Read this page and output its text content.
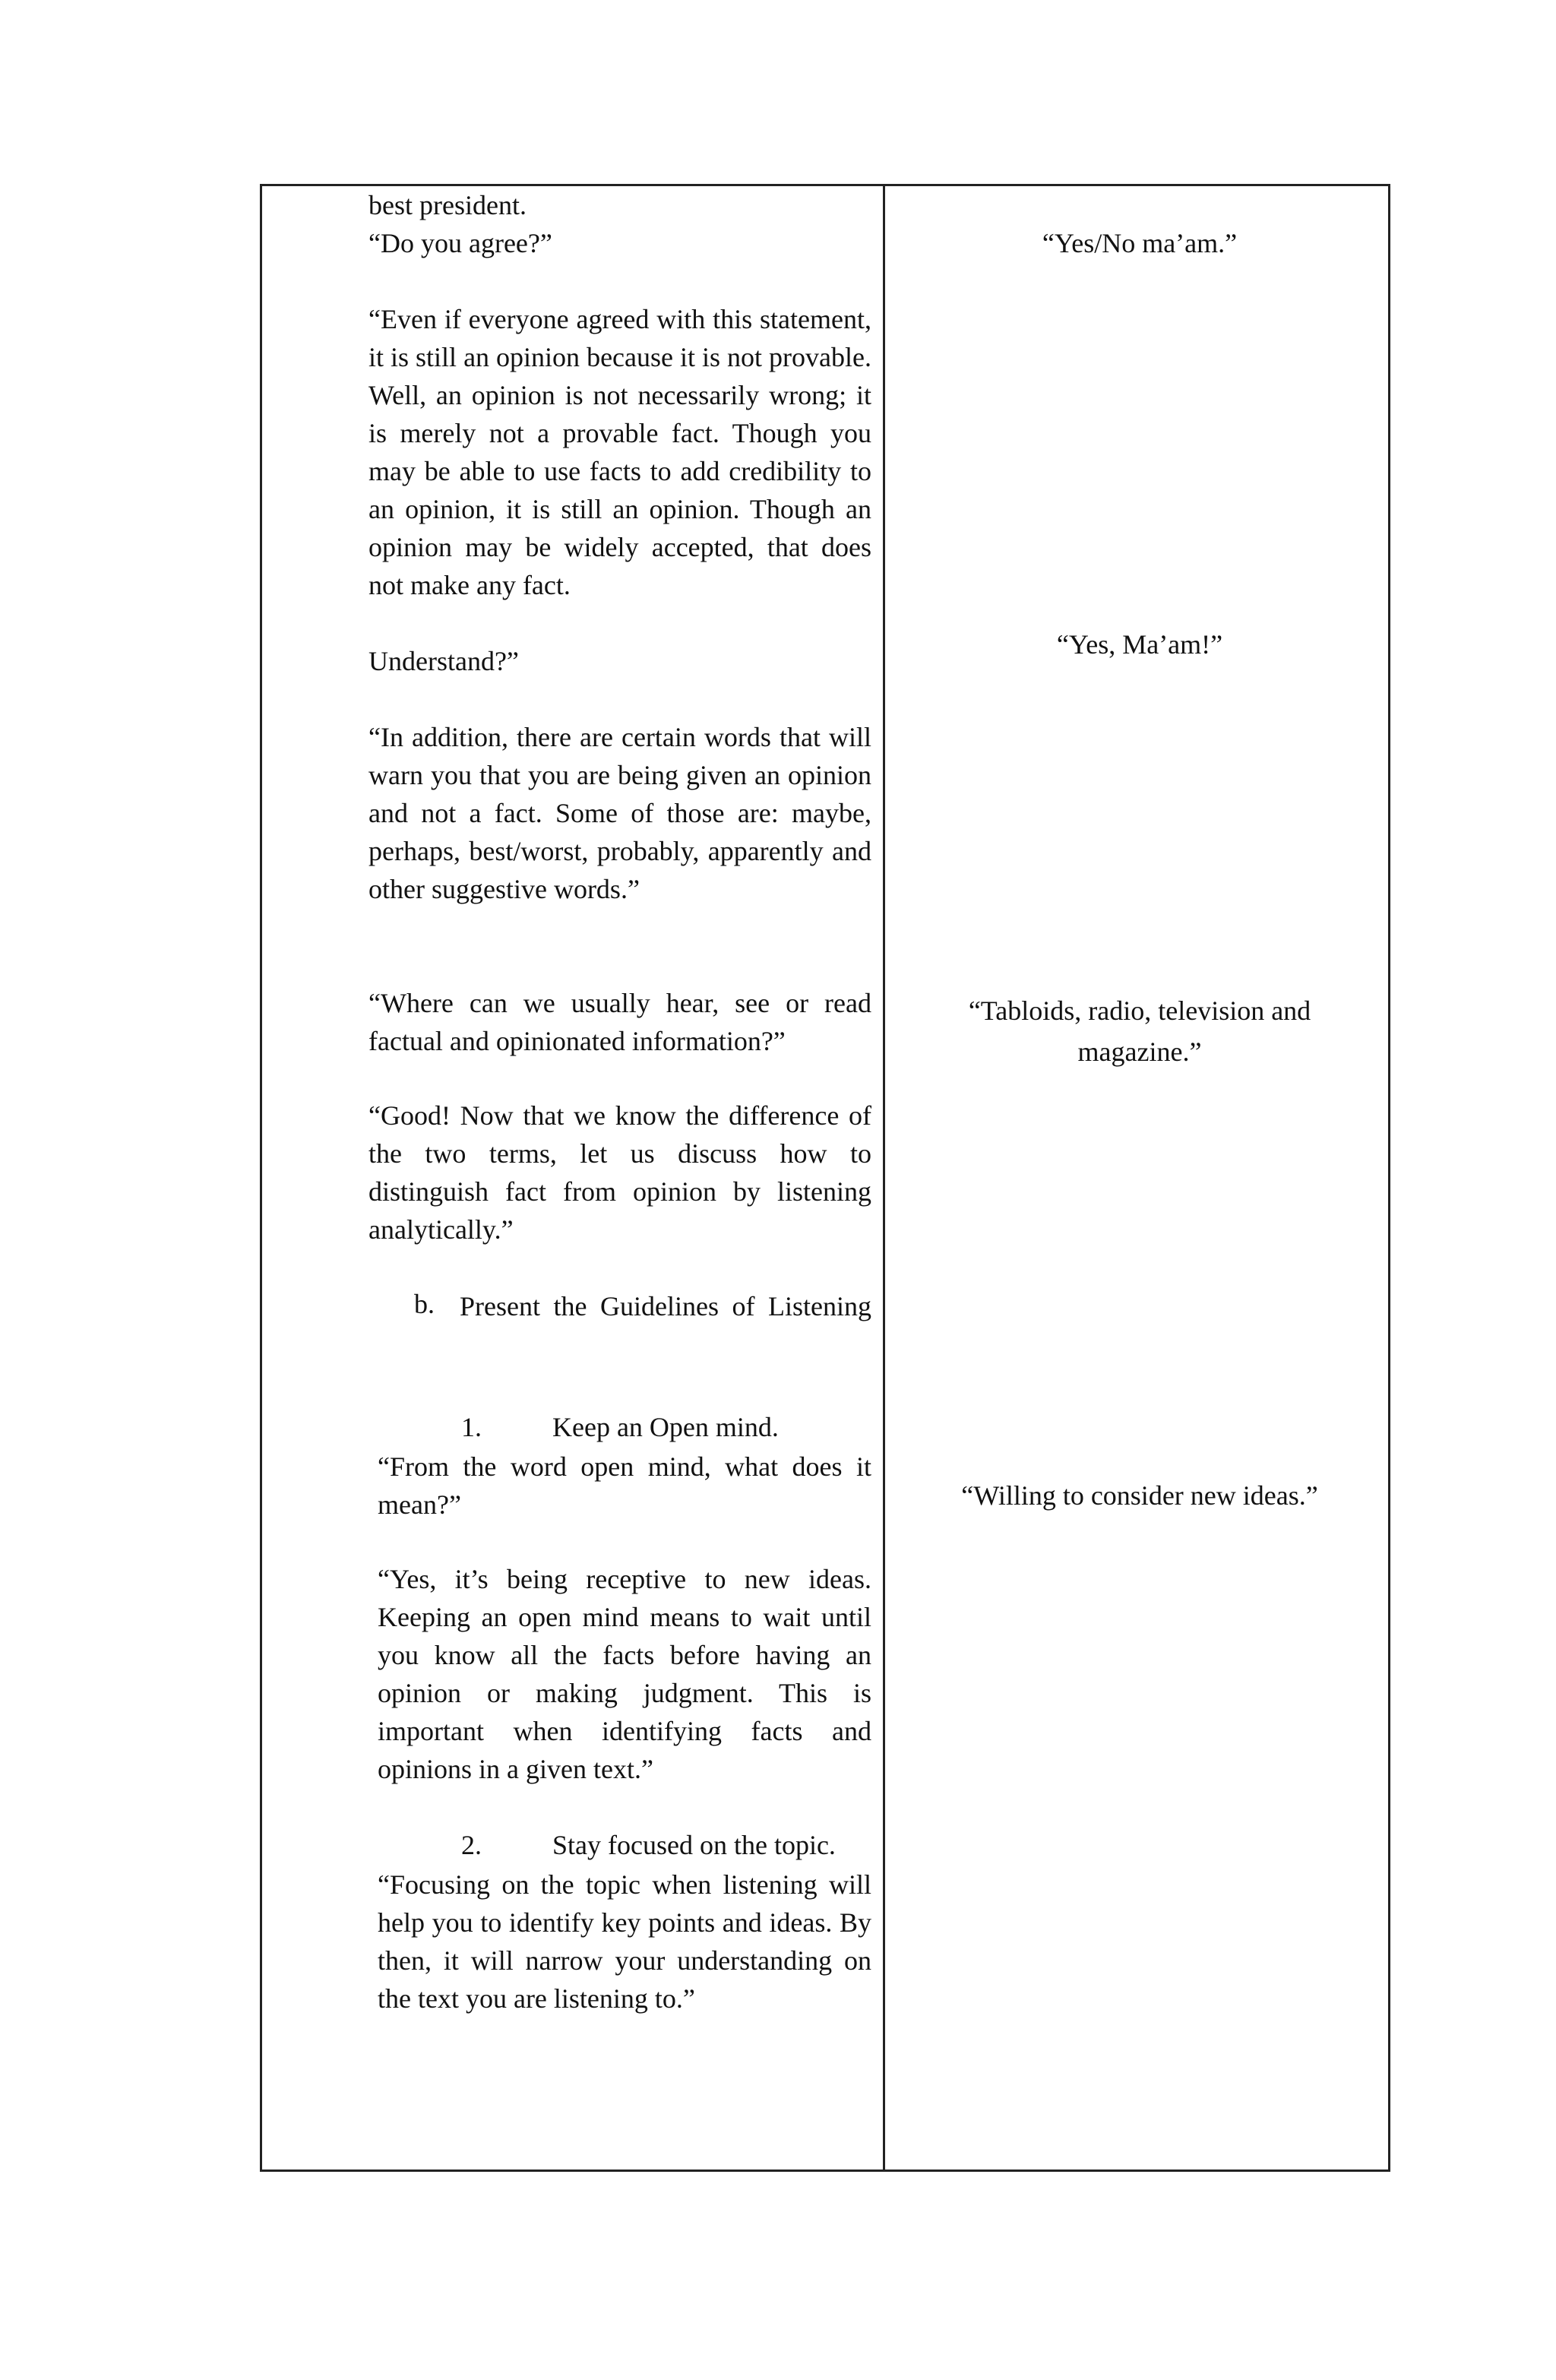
best president.

“Do you agree?”

“Even if everyone agreed with this statement, it is still an opinion because it is not provable. Well, an opinion is not necessarily wrong; it is merely not a provable fact. Though you may be able to use facts to add credibility to an opinion, it is still an opinion. Though an opinion may be widely accepted, that does not make any fact.

Understand?”

“In addition, there are certain words that will warn you that you are being given an opinion and not a fact. Some of those are: maybe, perhaps, best/worst, probably, apparently and other suggestive words.”

“Where can we usually hear, see or read factual and opinionated information?”

“Good! Now that we know the difference of the two terms, let us discuss how to distinguish fact from opinion by listening analytically.”

b. Present the Guidelines of Listening

1.	Keep an Open mind.

“From the word open mind, what does it mean?”

“Yes, it’s being receptive to new ideas. Keeping an open mind means to wait until you know all the facts before having an opinion or making judgment. This is important when identifying facts and opinions in a given text.”

2.	Stay focused on the topic.

“Focusing on the topic when listening will help you to identify key points and ideas. By then, it will narrow your understanding on the text you are listening to.”

“Yes/No ma’am.”

“Yes, Ma’am!”

“Tabloids, radio, television and magazine.”

“Willing to consider new ideas.”
